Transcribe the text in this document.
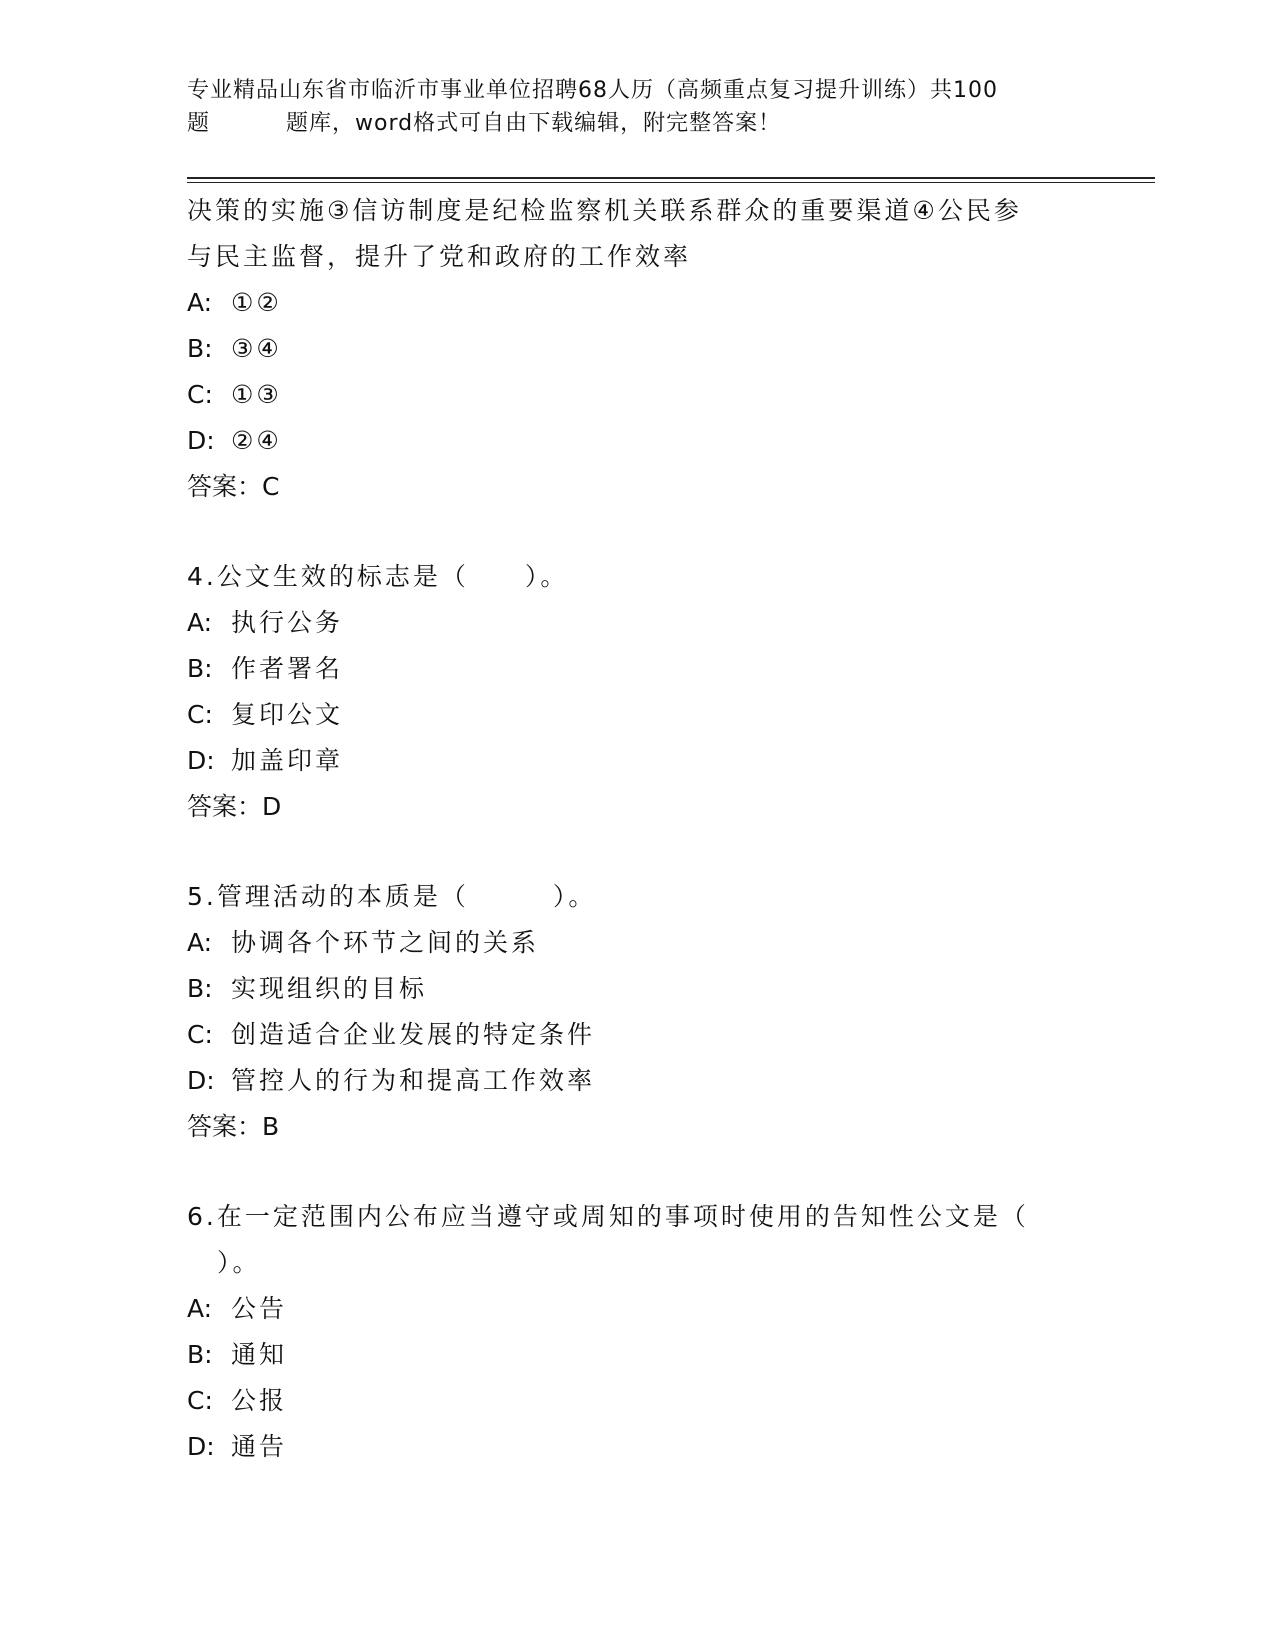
专业精品山东省市临沂市事业单位招聘68人历（高频重点复习提升训练）共100
题	题库，word格式可自由下载编辑，附完整答案！
决策的实施③信访制度是纪检监察机关联系群众的重要渠道④公民参
与民主监督，提升了党和政府的工作效率
A: ①②
B: ③④
C: ①③
D: ②④
答案：C
4.公文生效的标志是（　　）。
A: 执行公务
B: 作者署名
C: 复印公文
D: 加盖印章
答案：D
5.管理活动的本质是（　　　）。
A: 协调各个环节之间的关系
B: 实现组织的目标
C: 创造适合企业发展的特定条件
D: 管控人的行为和提高工作效率
答案：B
6.在一定范围内公布应当遵守或周知的事项时使用的告知性公文是（
）。
A: 公告
B: 通知
C: 公报
D: 通告
